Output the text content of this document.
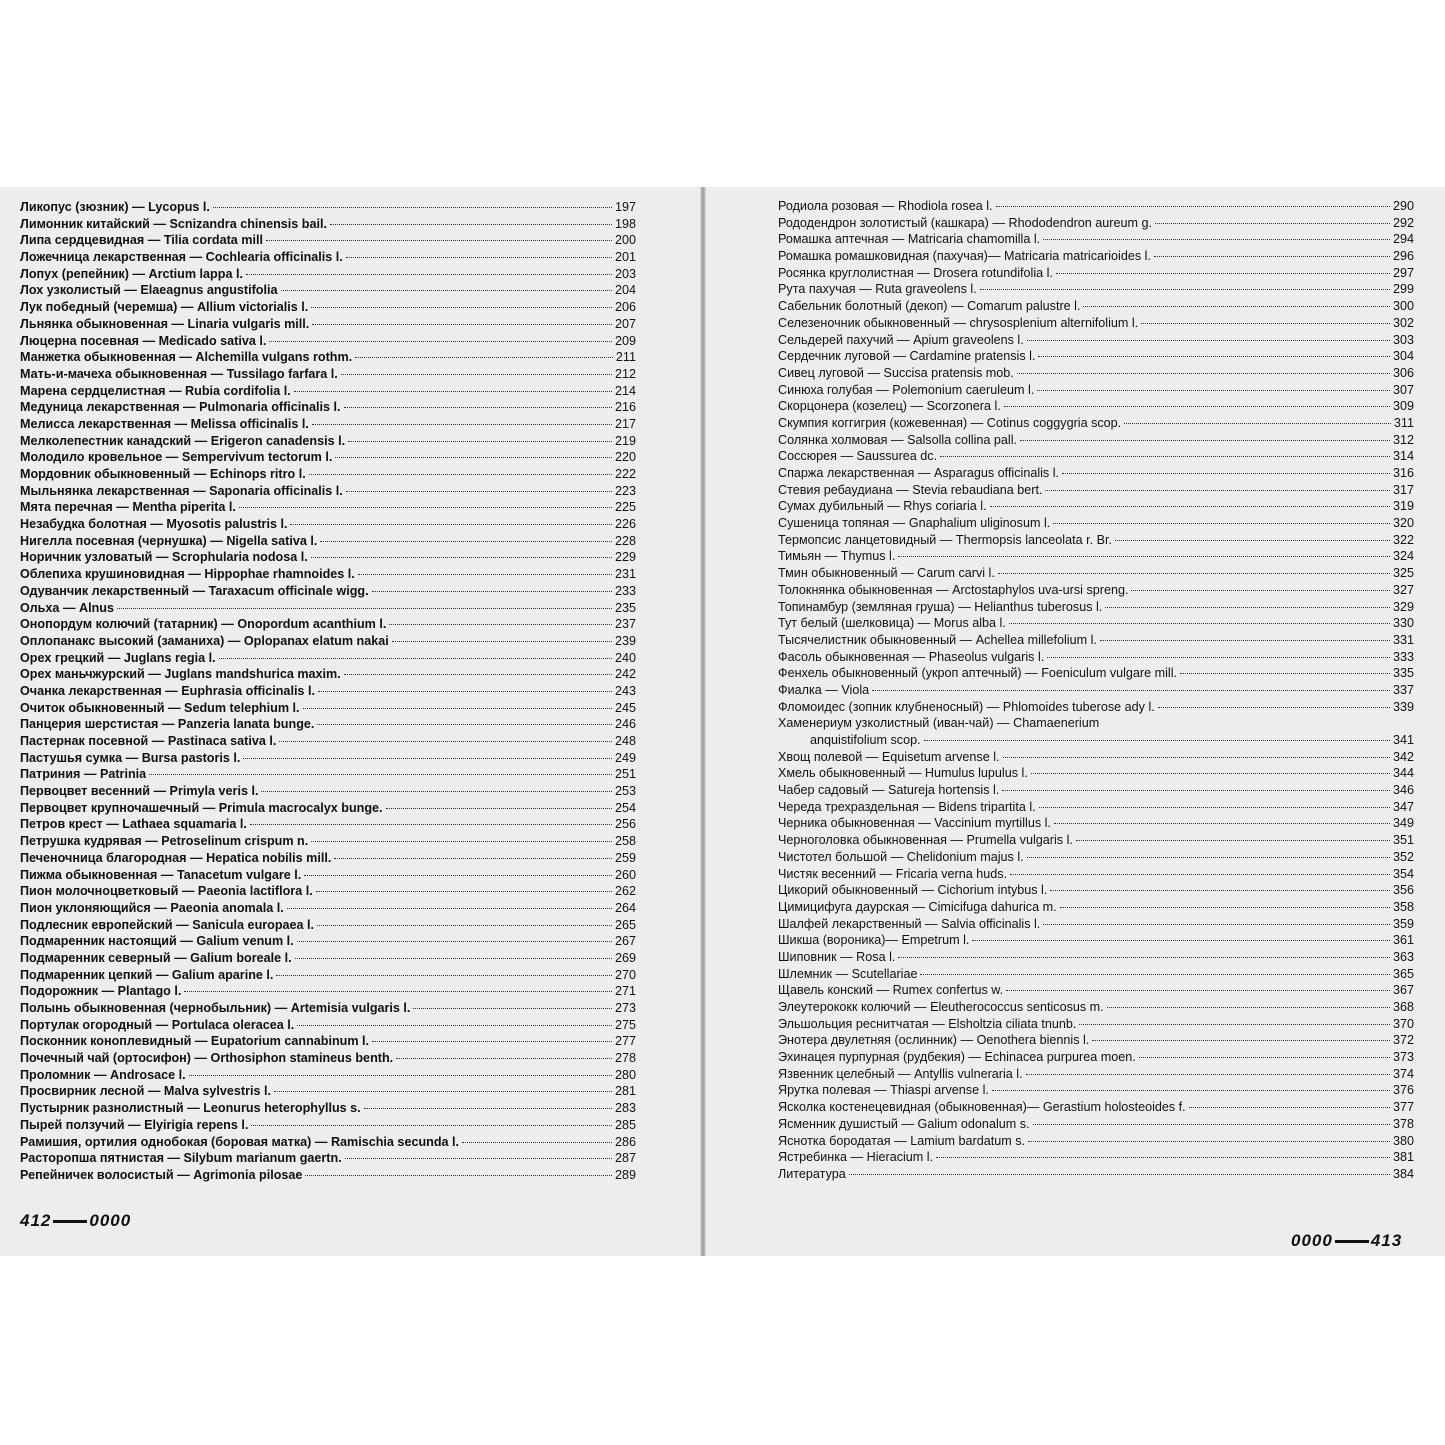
Ликопус (зюзник) — Lycopus l.	197
Лимонник китайский — Scnizandra chinensis bail.	198
Липа сердцевидная — Tilia cordata mill	200
Ложечница лекарственная — Cochlearia officinalis l.	201
Лопух (репейник) — Arctium lappa l.	203
Лох узколистый — Elaeagnus angustifolia	204
Лук победный (черемша) — Allium victorialis l.	206
Льнянка обыкновенная — Linaria vulgaris mill.	207
Люцерна посевная — Medicado sativa l.	209
Манжетка обыкновенная — Alchemilla vulgans rothm.	211
Мать-и-мачеха обыкновенная — Tussilago farfara l.	212
Марена сердцелистная — Rubia cordifolia l.	214
Медуница лекарственная — Pulmonaria officinalis l.	216
Мелисса лекарственная — Melissa officinalis l.	217
Мелколепестник канадский — Erigeron canadensis l.	219
Молодило кровельное — Sempervivum tectorum l.	220
Мордовник обыкновенный — Echinops ritro l.	222
Мыльнянка лекарственная — Saponaria officinalis l.	223
Мята перечная — Mentha piperita l.	225
Незабудка болотная — Myosotis palustris l.	226
Нигелла посевная (чернушка) — Nigella sativa l.	228
Норичник узловатый — Scrophularia nodosa l.	229
Облепиха крушиновидная — Hippophae rhamnoides l.	231
Одуванчик лекарственный — Taraxacum officinale wigg.	233
Ольха — Alnus	235
Онопордум колючий (татарник) — Onopordum acanthium l.	237
Оплопанакс высокий (заманиха) — Oplopanax elatum nakai	239
Орех грецкий — Juglans regia l.	240
Орех маньчжурский — Juglans mandshurica maxim.	242
Очанка лекарственная — Euphrasia officinalis l.	243
Очиток обыкновенный — Sedum telephium l.	245
Панцерия шерстистая — Panzeria lanata bunge.	246
Пастернак посевной — Pastinaca sativa l.	248
Пастушья сумка — Bursa pastoris l.	249
Патриния — Patrinia	251
Первоцвет весенний — Primyla veris l.	253
Первоцвет крупночашечный — Primula macrocalyx bunge.	254
Петров крест — Lathaea squamaria l.	256
Петрушка кудрявая — Petroselinum crispum n.	258
Печеночница благородная — Hepatica nobilis mill.	259
Пижма обыкновенная — Tanacetum vulgare l.	260
Пион молочноцветковый — Paeonia lactiflora l.	262
Пион уклоняющийся — Paeonia anomala l.	264
Подлесник европейский — Sanicula europaea l.	265
Подмаренник настоящий — Galium venum l.	267
Подмаренник северный — Galium boreale l.	269
Подмаренник цепкий — Galium aparine l.	270
Подорожник — Plantago l.	271
Полынь обыкновенная (чернобыльник) — Artemisia vulgaris l.	273
Портулак огородный — Portulaca oleracea l.	275
Посконник коноплевидный — Eupatorium cannabinum l.	277
Почечный чай (ортосифон) — Orthosiphon stamineus benth.	278
Проломник — Androsace l.	280
Просвирник лесной — Malva sylvestris l.	281
Пустырник разнолистный — Leonurus heterophyllus s.	283
Пырей ползучий — Elyirigia repens l.	285
Рамишия, ортилия однобокая (боровая матка) — Ramischia secunda l.	286
Расторопша пятнистая — Silybum marianum gaertn.	287
Репейничек волосистый — Agrimonia pilosae	289
412 0000
Родиола розовая — Rhodiola rosea l.	290
Рододендрон золотистый (кашкара) — Rhododendron aureum g.	292
Ромашка аптечная — Matricaria chamomilla l.	294
Ромашка ромашковидная (пахучая)— Matricaria matricarioides l.	296
Росянка круглолистная — Drosera rotundifolia l.	297
Рута пахучая — Ruta graveolens l.	299
Сабельник болотный (декоп) — Comarum palustre l.	300
Селезеночник обыкновенный — chrysosplenium alternifolium l.	302
Сельдерей пахучий — Apium graveolens l.	303
Сердечник луговой — Cardamine pratensis l.	304
Сивец луговой — Succisa pratensis mob.	306
Синюха голубая — Polemonium caeruleum l.	307
Скорцонера (козелец) — Scorzonera l.	309
Скумпия коггигрия (кожевенная) — Cotinus coggygria scop.	311
Солянка холмовая — Salsolla collina pall.	312
Соссюрея — Saussurea dc.	314
Спаржа лекарственная — Asparagus officinalis l.	316
Стевия ребаудиана — Stevia rebaudiana bert.	317
Сумах дубильный — Rhys coriaria l.	319
Сушеница топяная — Gnaphalium uliginosum l.	320
Термопсис ланцетовидный — Thermopsis lanceolata r. Br.	322
Тимьян — Thymus l.	324
Тмин обыкновенный — Carum carvi l.	325
Толокнянка обыкновенная — Arctostaphylos uva-ursi spreng.	327
Топинамбур (земляная груша) — Helianthus tuberosus l.	329
Тут белый (шелковица) — Morus alba l.	330
Тысячелистник обыкновенный — Achellea millefolium l.	331
Фасоль обыкновенная — Phaseolus vulgaris l.	333
Фенхель обыкновенный (укроп аптечный) — Foeniculum vulgare mill.	335
Фиалка — Viola	337
Фломоидес (зопник клубненосный) — Phlomoides tuberose ady l.	339
Хамeнериум узколистный (иван-чай) — Chamaenerium
anquistifolium scop.	341
Хвощ полевой — Equisetum arvense l.	342
Хмель обыкновенный — Humulus lupulus l.	344
Чабер садовый — Satureja hortensis l.	346
Череда трехраздельная — Bidens tripartita l.	347
Черника обыкновенная — Vaccinium myrtillus l.	349
Черноголовка обыкновенная — Prumella vulgaris l.	351
Чистотел большой — Chelidonium majus l.	352
Чистяк весенний — Fricaria verna huds.	354
Цикорий обыкновенный — Cichorium intybus l.	356
Цимицифуга даурская — Cimicifuga dahurica m.	358
Шалфей лекарственный — Salvia officinalis l.	359
Шикша (вороника)— Empetrum l.	361
Шиповник — Rosa l.	363
Шлемник — Scutellariae	365
Щавель конский — Rumex confertus w.	367
Элеутерококк колючий — Eleutherococcus senticosus m.	368
Эльшольция реснитчатая — Elsholtzia ciliata tnunb.	370
Энотера двулетняя (ослинник) — Oenothera biennis l.	372
Эхинацея пурпурная (рудбекия) — Echinacea purpurea moen.	373
Язвенник целебный — Antyllis vulneraria l.	374
Ярутка полевая — Thiaspi arvense l.	376
Ясколка костенецевидная (обыкновенная)— Gerastium holosteoides f.	377
Ясменник душистый — Galium odonalum s.	378
Яснотка бородатая — Lamium bardatum s.	380
Ястребинка — Hieracium l.	381
Литература	384
0000 413
